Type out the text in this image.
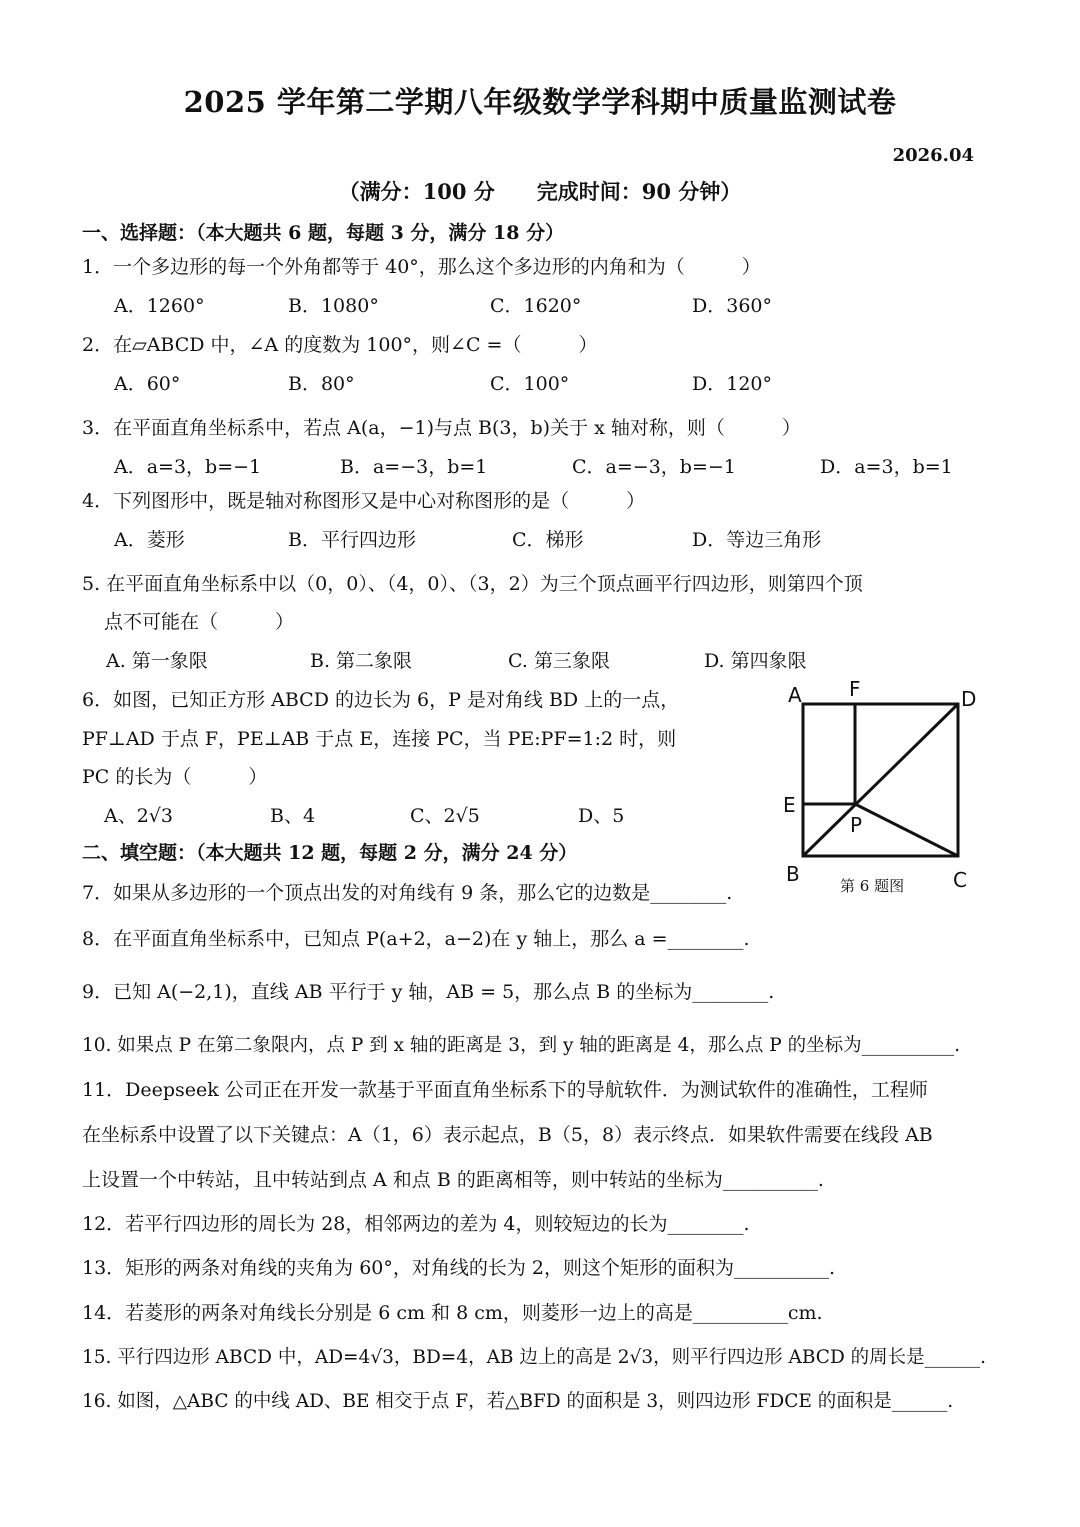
2025 学年第二学期八年级数学学科期中质量监测试卷
2026.04
（满分：100 分　　完成时间：90 分钟）
一、选择题：（本大题共 6 题，每题 3 分，满分 18 分）
1．一个多边形的每一个外角都等于 40°，那么这个多边形的内角和为（　　　）
A．1260°	B．1080°	C．1620°	D．360°
2．在▱ABCD 中，∠A 的度数为 100°，则∠C =（　　　）
A．60°	B．80°	C．100°	D．120°
3．在平面直角坐标系中，若点 A(a，−1)与点 B(3，b)关于 x 轴对称，则（　　　）
A．a=3，b=−1	B．a=−3，b=1	C．a=−3，b=−1	D．a=3，b=1
4．下列图形中，既是轴对称图形又是中心对称图形的是（　　　）
A．菱形	B．平行四边形	C．梯形	D．等边三角形
5. 在平面直角坐标系中以（0，0）、（4，0）、（3，2）为三个顶点画平行四边形，则第四个顶
点不可能在（　　　）
A. 第一象限	B. 第二象限	C. 第三象限	D. 第四象限
6．如图，已知正方形 ABCD 的边长为 6，P 是对角线 BD 上的一点，
PF⊥AD 于点 F，PE⊥AB 于点 E，连接 PC，当 PE:PF=1:2 时，则
PC 的长为（　　　）
A、2√3	B、4	C、2√5	D、5
A F	D
E
P
B	C
第 6 题图
二、填空题：（本大题共 12 题，每题 2 分，满分 24 分）
7．如果从多边形的一个顶点出发的对角线有 9 条，那么它的边数是________.
8．在平面直角坐标系中，已知点 P(a+2，a−2)在 y 轴上，那么 a =________.
9．已知 A(−2,1)，直线 AB 平行于 y 轴，AB = 5，那么点 B 的坐标为________.
10. 如果点 P 在第二象限内，点 P 到 x 轴的距离是 3，到 y 轴的距离是 4，那么点 P 的坐标为__________.
11．Deepseek 公司正在开发一款基于平面直角坐标系下的导航软件．为测试软件的准确性，工程师
在坐标系中设置了以下关键点：A（1，6）表示起点，B（5，8）表示终点．如果软件需要在线段 AB
上设置一个中转站，且中转站到点 A 和点 B 的距离相等，则中转站的坐标为__________.
12．若平行四边形的周长为 28，相邻两边的差为 4，则较短边的长为________.
13．矩形的两条对角线的夹角为 60°，对角线的长为 2，则这个矩形的面积为__________.
14．若菱形的两条对角线长分别是 6 cm 和 8 cm，则菱形一边上的高是__________cm.
15. 平行四边形 ABCD 中，AD=4√3，BD=4，AB 边上的高是 2√3，则平行四边形 ABCD 的周长是______.
16. 如图，△ABC 的中线 AD、BE 相交于点 F，若△BFD 的面积是 3，则四边形 FDCE 的面积是______.
